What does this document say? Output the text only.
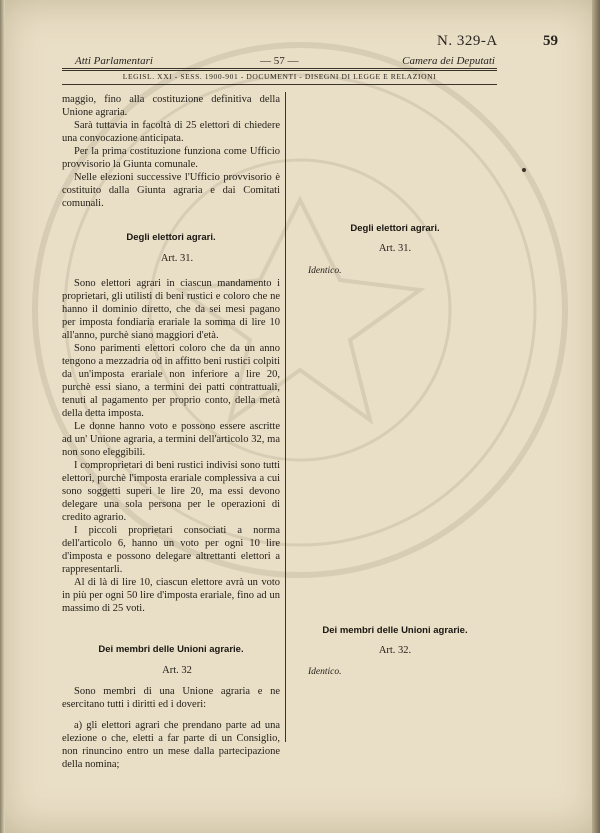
N. 329-A	59
Atti Parlamentari	— 57 —	Camera dei Deputati
LEGISL. XXI - SESS. 1900-901 - DOCUMENTI - DISEGNI DI LEGGE E RELAZIONI

maggio, fino alla costituzione definitiva della Unione agraria.

Sarà tuttavia in facoltà di 25 elettori di chiedere una convocazione anticipata.

Per la prima costituzione funziona come Ufficio provvisorio la Giunta comunale.

Nelle elezioni successive l'Ufficio provvisorio è costituito dalla Giunta agraria e dai Comitati comunali.

Degli elettori agrari.

Art. 31.

Sono elettori agrari in ciascun mandamento i proprietari, gli utilisti di beni rustici e coloro che ne hanno il dominio diretto, che da sei mesi pagano per imposta fondiaria erariale la somma di lire 10 all'anno, purchè siano maggiori d'età.

Sono parimenti elettori coloro che da un anno tengono a mezzadria od in affitto beni rustici colpiti da un'imposta erariale non inferiore a lire 20, purchè essi siano, a termini dei patti contrattuali, tenuti al pagamento per proprio conto, della metà della detta imposta.

Le donne hanno voto e possono essere ascritte ad un' Unione agraria, a termini dell'articolo 32, ma non sono eleggibili.

I comproprietari di beni rustici indivisi sono tutti elettori, purchè l'imposta erariale complessiva a cui sono soggetti superi le lire 20, ma essi devono delegare una sola persona per le operazioni di credito agrario.

I piccoli proprietari consociati a norma dell'articolo 6, hanno un voto per ogni 10 lire d'imposta e possono delegare altrettanti elettori a rappresentarli.

Al di là di lire 10, ciascun elettore avrà un voto in più per ogni 50 lire d'imposta erariale, fino ad un massimo di 25 voti.

Dei membri delle Unioni agrarie.

Art. 32

Sono membri di una Unione agraria e ne esercitano tutti i diritti ed i doveri:

a) gli elettori agrari che prendano parte ad una elezione o che, eletti a far parte di un Consiglio, non rinuncino entro un mese dalla partecipazione della nomina;

Degli elettori agrari.

Art. 31.

Identico.

Dei membri delle Unioni agrarie.

Art. 32.

Identico.
